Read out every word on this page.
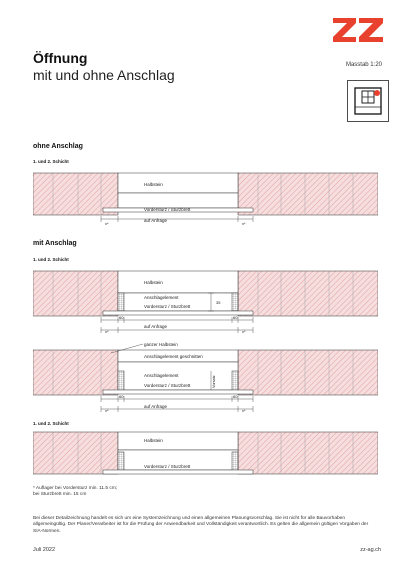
Öffnung
mit und ohne Anschlag
Masstab 1:20
ohne Anschlag
1. und 2. Schicht
Halbstein
Vordersturz / Sturzbrett
auf Anfrage
x*	x*
mit Anschlag
1. und 2. Schicht
Halbstein
Anschlagelement
Vordersturz / Sturzbrett
auf Anfrage
60	60
35
x*	x*
ganzer Halbstein
Anschlagelement geschnitten
Anschlagelement
Vordersturz / Sturzbrett
auf Anfrage
60	60
Vorsatz
x*	x*
1. und 2. Schicht
Halbstein
Vordersturz / Sturzbrett
* Auflager bei Vordersturz min. 11.5 cm;
bei Sturzbrett min. 15 cm
Bei dieser Detailzeichnung handelt es sich um eine Systemzeichnung und einen allgemeinen Planungsvorschlag. Sie ist nicht für alle Bauvorhaben allgemeingültig. Der Planer/Verarbeiter ist für die Prüfung der Anwendbarkeit und Vollständigkeit verantwortlich. Es gelten die allgemein gültigen Vorgaben der SIA-Normen.
Juli 2022	zz-ag.ch
